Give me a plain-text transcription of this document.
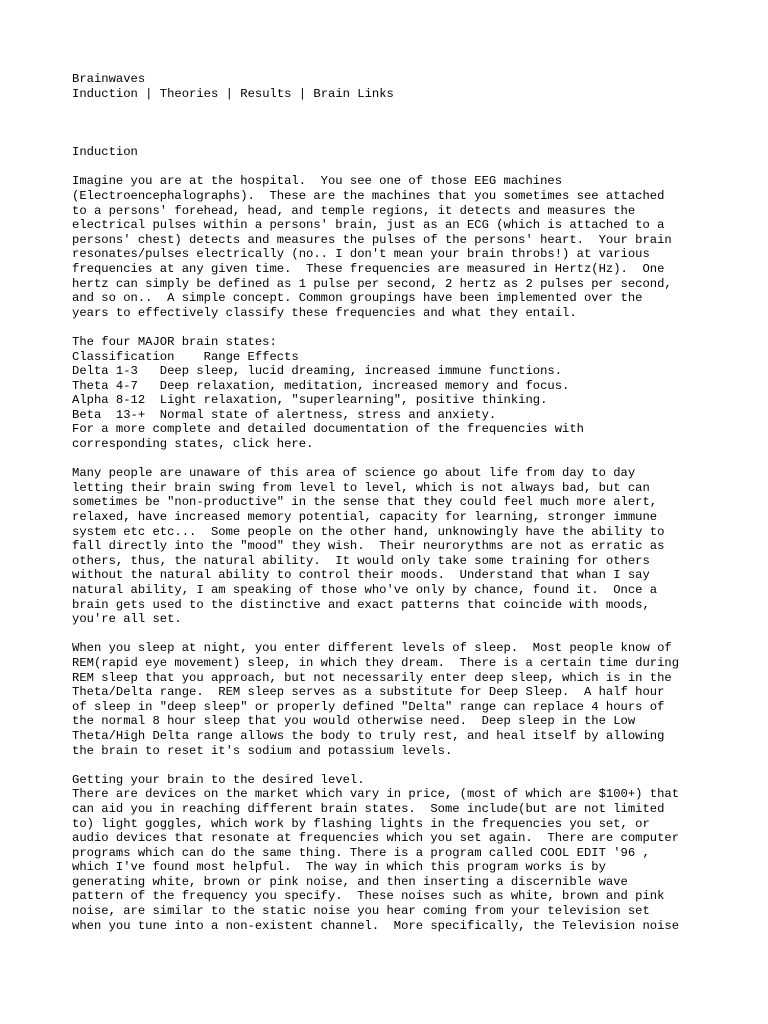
Brainwaves
Induction | Theories | Results | Brain Links
Induction
Imagine you are at the hospital.  You see one of those EEG machines
(Electroencephalographs).  These are the machines that you sometimes see attached
to a persons' forehead, head, and temple regions, it detects and measures the
electrical pulses within a persons' brain, just as an ECG (which is attached to a
persons' chest) detects and measures the pulses of the persons' heart.  Your brain
resonates/pulses electrically (no.. I don't mean your brain throbs!) at various
frequencies at any given time.  These frequencies are measured in Hertz(Hz).  One
hertz can simply be defined as 1 pulse per second, 2 hertz as 2 pulses per second,
and so on..  A simple concept. Common groupings have been implemented over the
years to effectively classify these frequencies and what they entail.
The four MAJOR brain states:
Classification    Range Effects
Delta 1-3   Deep sleep, lucid dreaming, increased immune functions.
Theta 4-7   Deep relaxation, meditation, increased memory and focus.
Alpha 8-12  Light relaxation, "superlearning", positive thinking.
Beta  13-+  Normal state of alertness, stress and anxiety.
For a more complete and detailed documentation of the frequencies with
corresponding states, click here.
Many people are unaware of this area of science go about life from day to day
letting their brain swing from level to level, which is not always bad, but can
sometimes be "non-productive" in the sense that they could feel much more alert,
relaxed, have increased memory potential, capacity for learning, stronger immune
system etc etc...  Some people on the other hand, unknowingly have the ability to
fall directly into the "mood" they wish.  Their neurorythms are not as erratic as
others, thus, the natural ability.  It would only take some training for others
without the natural ability to control their moods.  Understand that whan I say
natural ability, I am speaking of those who've only by chance, found it.  Once a
brain gets used to the distinctive and exact patterns that coincide with moods,
you're all set.
When you sleep at night, you enter different levels of sleep.  Most people know of
REM(rapid eye movement) sleep, in which they dream.  There is a certain time during
REM sleep that you approach, but not necessarily enter deep sleep, which is in the
Theta/Delta range.  REM sleep serves as a substitute for Deep Sleep.  A half hour
of sleep in "deep sleep" or properly defined "Delta" range can replace 4 hours of
the normal 8 hour sleep that you would otherwise need.  Deep sleep in the Low
Theta/High Delta range allows the body to truly rest, and heal itself by allowing
the brain to reset it's sodium and potassium levels.
Getting your brain to the desired level.
There are devices on the market which vary in price, (most of which are $100+) that
can aid you in reaching different brain states.  Some include(but are not limited
to) light goggles, which work by flashing lights in the frequencies you set, or
audio devices that resonate at frequencies which you set again.  There are computer
programs which can do the same thing. There is a program called COOL EDIT '96 ,
which I've found most helpful.  The way in which this program works is by
generating white, brown or pink noise, and then inserting a discernible wave
pattern of the frequency you specify.  These noises such as white, brown and pink
noise, are similar to the static noise you hear coming from your television set
when you tune into a non-existent channel.  More specifically, the Television noise
